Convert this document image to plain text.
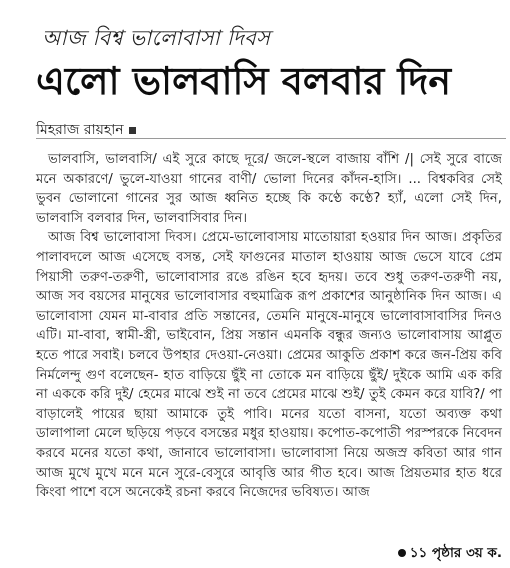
আজ বিশ্ব ভালোবাসা দিবস
এলো ভালবাসি বলবার দিন
মিহরাজ রায়হান

ভালবাসি, ভালবাসি/ এই সুরে কাছে দূরে/ জলে-স্থলে বাজায় বাঁশি /| সেই সুরে বাজে মনে অকারণে/ ভুলে-যাওয়া গানের বাণী/ ভোলা দিনের কাঁদন-হাসি। ... বিশ্বকবির সেই ভুবন ভোলানো গানের সুর আজ ধ্বনিত হচ্ছে কি কণ্ঠে কণ্ঠে? হ্যাঁ, এলো সেই দিন, ভালবাসি বলবার দিন, ভালবাসিবার দিন।

আজ বিশ্ব ভালোবাসা দিবস। প্রেমে-ভালোবাসায় মাতোয়ারা হওয়ার দিন আজ। প্রকৃতির পালাবদলে আজ এসেছে বসন্ত, সেই ফাগুনের মাতাল হাওয়ায় আজ ভেসে যাবে প্রেম পিয়াসী তরুণ-তরুণী, ভালোবাসার রঙে রঙিন হবে হৃদয়। তবে শুধু তরুণ-তরুণী নয়, আজ সব বয়সের মানুষের ভালোবাসার বহুমাত্রিক রূপ প্রকাশের আনুষ্ঠানিক দিন আজ। এ ভালোবাসা যেমন মা-বাবার প্রতি সন্তানের, তেমনি মানুষে-মানুষে ভালোবাসাবাসির দিনও এটি। মা-বাবা, স্বামী-স্ত্রী, ভাইবোন, প্রিয় সন্তান এমনকি বন্ধুর জন্যও ভালোবাসায় আপ্লুত হতে পারে সবাই। চলবে উপহার দেওয়া-নেওয়া। প্রেমের আকুতি প্রকাশ করে জন-প্রিয় কবি নির্মলেন্দু গুণ বলেছেন- হাত বাড়িয়ে ছুঁই না তোকে মন বাড়িয়ে ছুঁই/ দুইকে আমি এক করি না এককে করি দুই/ হেমের মাঝে শুই না তবে প্রেমের মাঝে শুই/ তুই কেমন করে যাবি?/ পা বাড়ালেই পায়ের ছায়া আমাকে তুই পাবি। মনের যতো বাসনা, যতো অব্যক্ত কথা ডালাপালা মেলে ছড়িয়ে পড়বে বসন্তের মধুর হাওয়ায়। কপোত-কপোতী পরস্পরকে নিবেদন করবে মনের যতো কথা, জানাবে ভালোবাসা। ভালোবাসা নিয়ে অজস্র কবিতা আর গান আজ মুখে মুখে মনে মনে সুরে-বেসুরে আবৃত্তি আর গীত হবে। আজ প্রিয়তমার হাত ধরে কিংবা পাশে বসে অনেকেই রচনা করবে নিজেদের ভবিষ্যত। আজ

১১ পৃষ্ঠার ৩য় ক.
